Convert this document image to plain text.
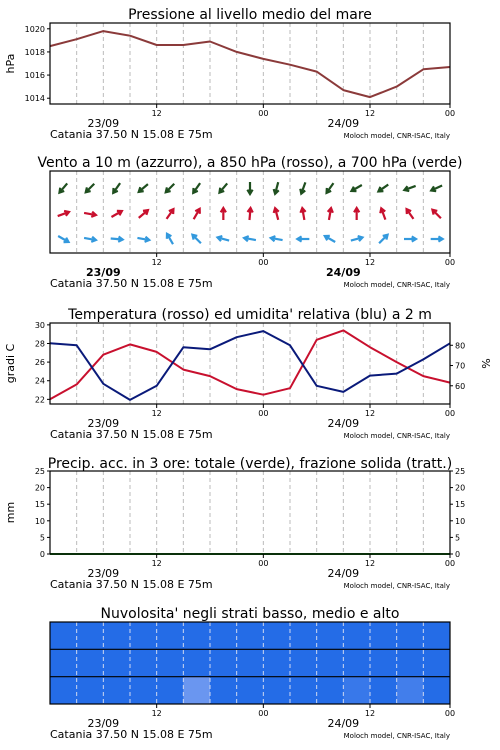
Pressione al livello medio del mare
1014
1016
1018
1020
hPa
12	00	12	00
23/09	24/09
Catania 37.50 N 15.08 E 75m	Moloch model, CNR-ISAC, Italy
Vento a 10 m (azzurro), a 850 hPa (rosso), a 700 hPa (verde)
12	00	12	00
23/09	24/09
Catania 37.50 N 15.08 E 75m	Moloch model, CNR-ISAC, Italy
Temperatura (rosso) ed umidita' relativa (blu) a 2 m
22
24
26
28
30
60
70
80
gradi C	%
12	00	12	00
23/09	24/09
Catania 37.50 N 15.08 E 75m	Moloch model, CNR-ISAC, Italy
Precip. acc. in 3 ore: totale (verde), frazione solida (tratt.)
0	0
5	5
10	10
15	15
20	20
25	25
mm
12	00	12	00
23/09	24/09
Catania 37.50 N 15.08 E 75m	Moloch model, CNR-ISAC, Italy
Nuvolosita' negli strati basso, medio e alto
12	00	12	00
23/09	24/09
Catania 37.50 N 15.08 E 75m	Moloch model, CNR-ISAC, Italy
